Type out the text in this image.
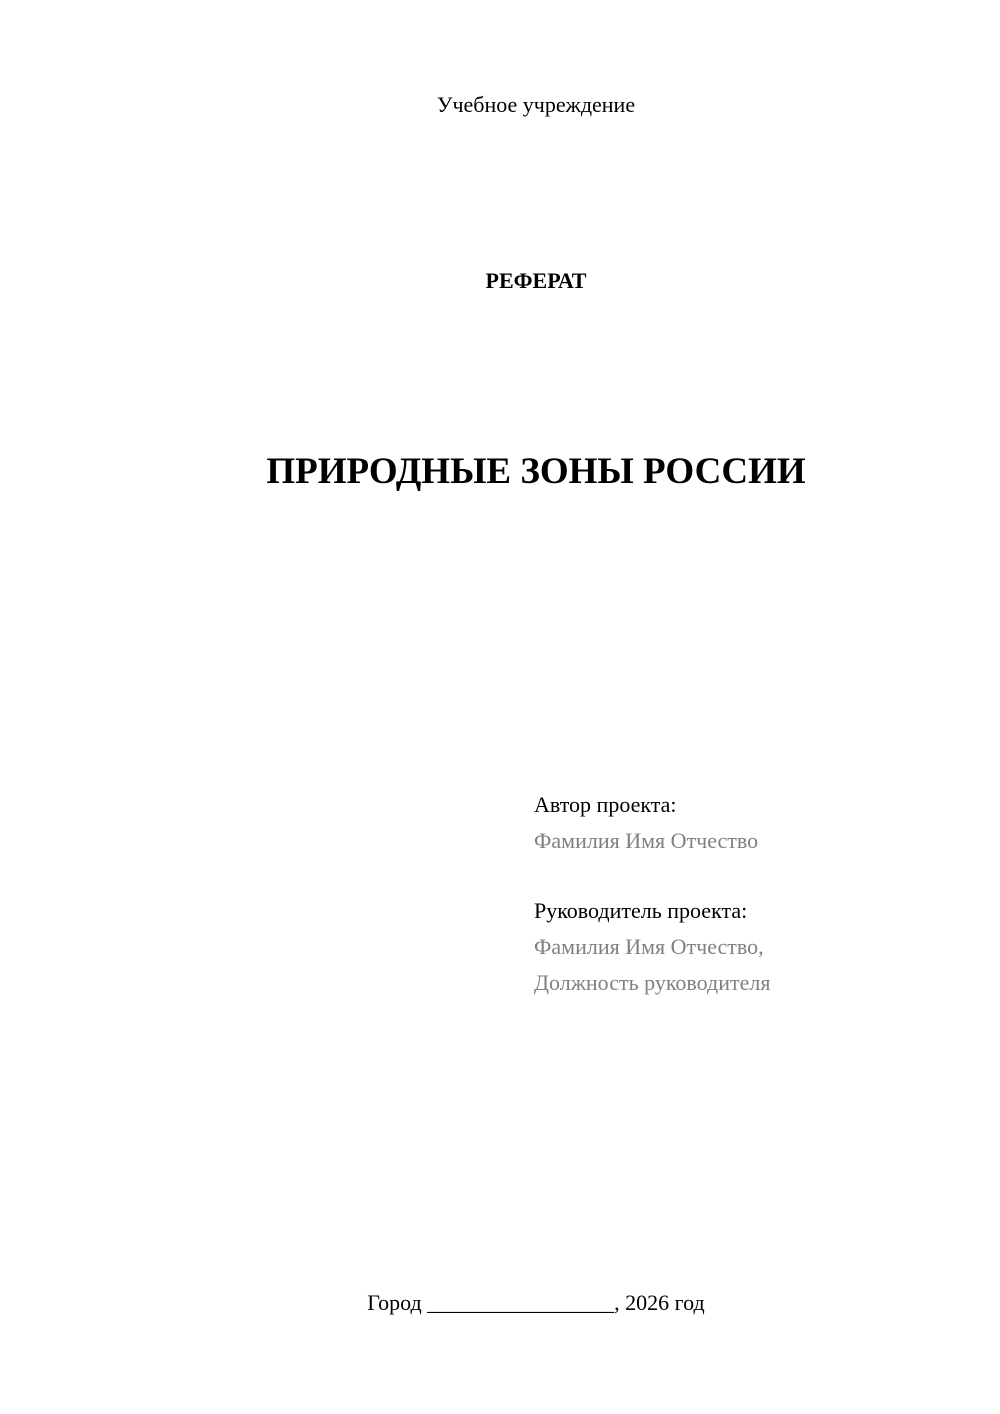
Учебное учреждение
РЕФЕРАТ
ПРИРОДНЫЕ ЗОНЫ РОССИИ
Автор проекта:
Фамилия Имя Отчество
Руководитель проекта:
Фамилия Имя Отчество,
Должность руководителя
Город _________________, 2026 год
